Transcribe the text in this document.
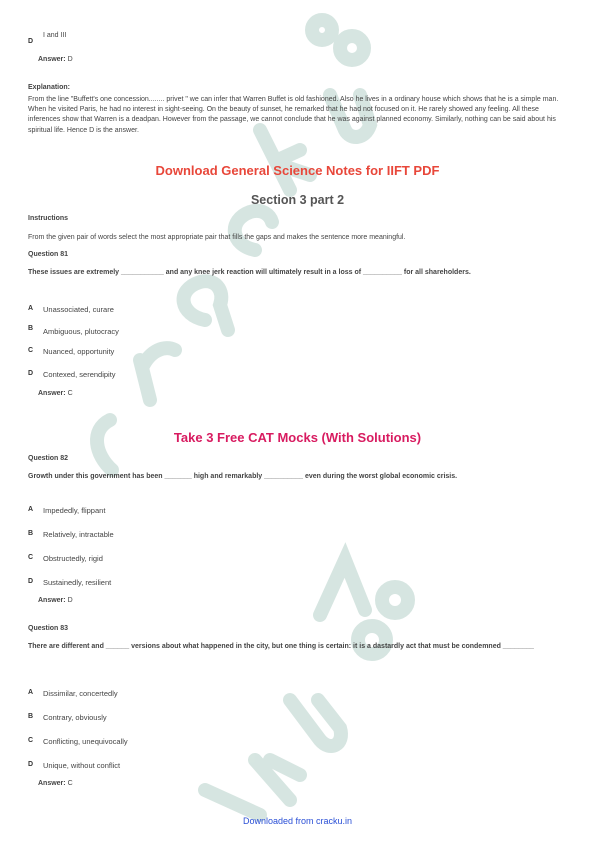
D
I and III
Answer: D
Explanation:
From the line "Buffett's one concession........ privet " we can infer that Warren Buffet is old fashioned. Also he lives in a ordinary house which shows that he is a simple man. When he visited Paris, he had no interest in sight-seeing. On the beauty of sunset, he remarked that he had not focused on it. He rarely showed any feeling. All these inferences show that Warren is a deadpan. However from the passage, we cannot conclude that he was against planned economy. Similarly, nothing can be said about his spiritual life. Hence D is the answer.
Download General Science Notes for IIFT PDF
Section 3 part 2
Instructions
From the given pair of words select the most appropriate pair that fills the gaps and makes the sentence more meaningful.
Question 81
These issues are extremely ___________ and any knee jerk reaction will ultimately result in a loss of __________ for all shareholders.
A Unassociated, curare
B Ambiguous, plutocracy
C Nuanced, opportunity
D Contexed, serendipity
Answer: C
Take 3 Free CAT Mocks (With Solutions)
Question 82
Growth under this government has been _______ high and remarkably __________ even during the worst global economic crisis.
A Impededly, flippant
B Relatively, intractable
C Obstructedly, rigid
D Sustainedly, resilient
Answer: D
Question 83
There are different and ______ versions about what happened in the city, but one thing is certain: it is a dastardly act that must be condemned ________
A Dissimilar, concertedly
B Contrary, obviously
C Conflicting, unequivocally
D Unique, without conflict
Answer: C
Downloaded from cracku.in
